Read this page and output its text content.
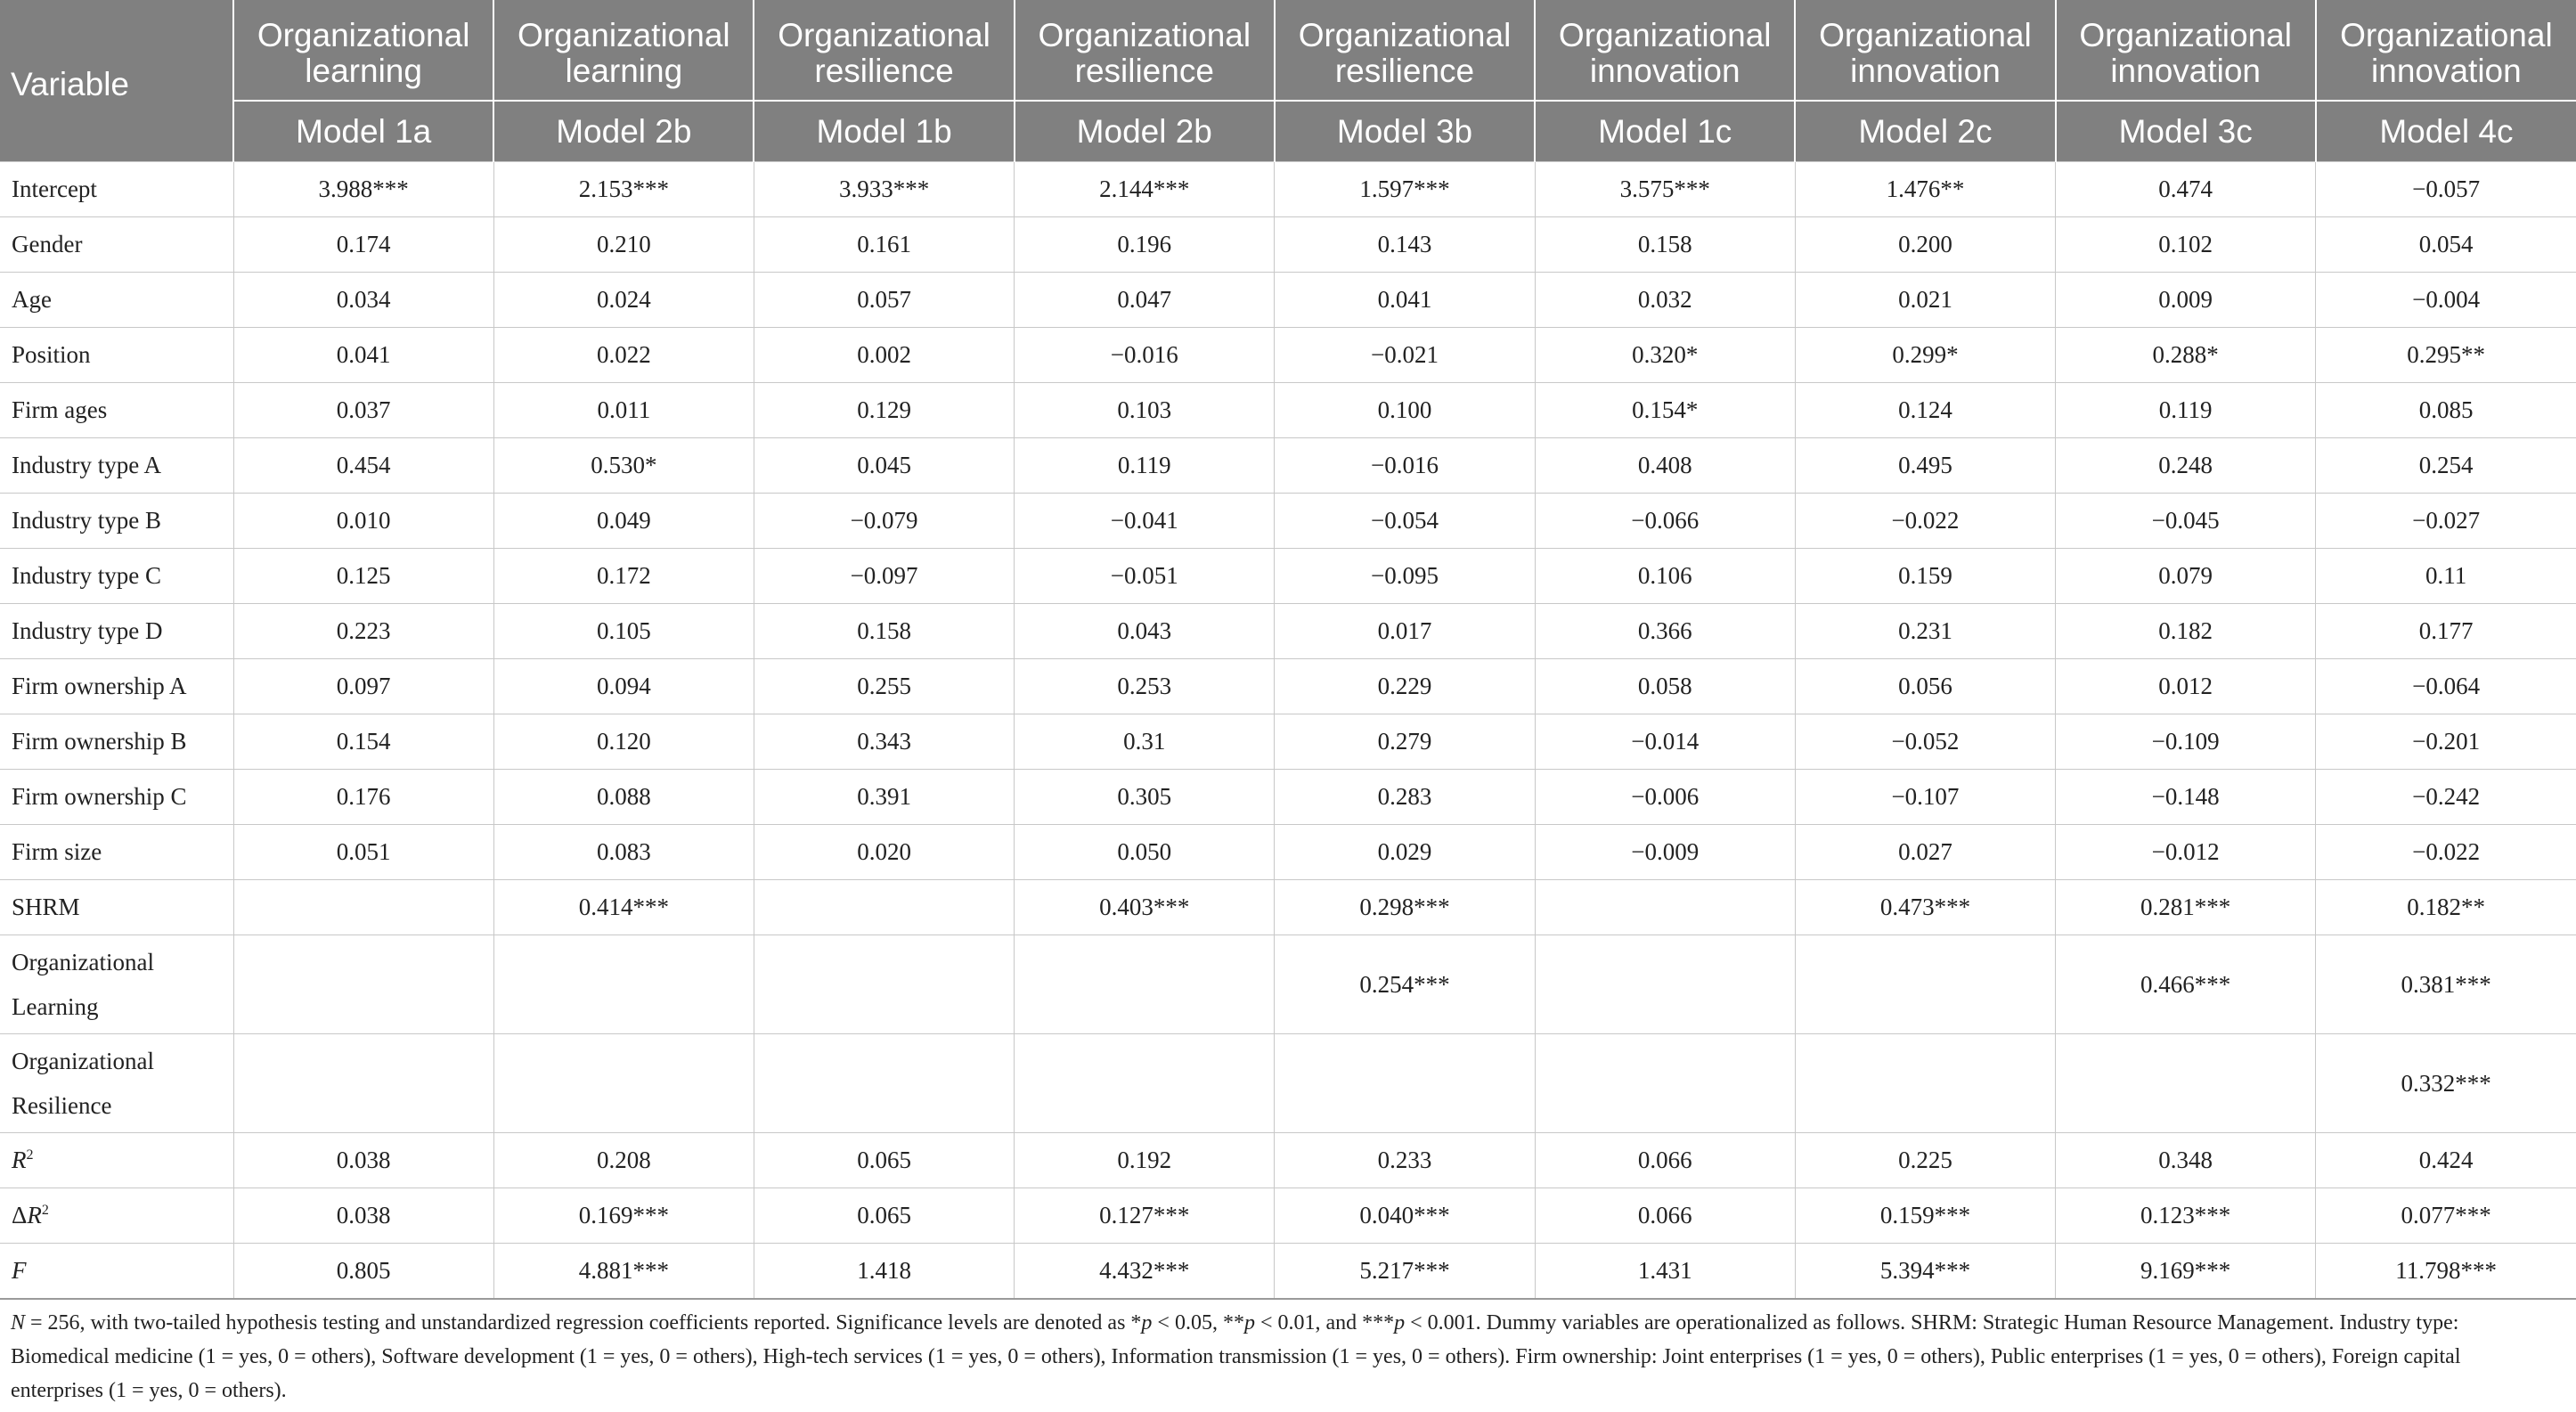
Variable	Organizational learning	Organizational learning	Organizational resilience	Organizational resilience	Organizational resilience	Organizational innovation	Organizational innovation	Organizational innovation	Organizational innovation
	Model 1a	Model 2b	Model 1b	Model 2b	Model 3b	Model 1c	Model 2c	Model 3c	Model 4c
Intercept	3.988***	2.153***	3.933***	2.144***	1.597***	3.575***	1.476**	0.474	−0.057
Gender	0.174	0.210	0.161	0.196	0.143	0.158	0.200	0.102	0.054
Age	0.034	0.024	0.057	0.047	0.041	0.032	0.021	0.009	−0.004
Position	0.041	0.022	0.002	−0.016	−0.021	0.320*	0.299*	0.288*	0.295**
Firm ages	0.037	0.011	0.129	0.103	0.100	0.154*	0.124	0.119	0.085
Industry type A	0.454	0.530*	0.045	0.119	−0.016	0.408	0.495	0.248	0.254
Industry type B	0.010	0.049	−0.079	−0.041	−0.054	−0.066	−0.022	−0.045	−0.027
Industry type C	0.125	0.172	−0.097	−0.051	−0.095	0.106	0.159	0.079	0.11
Industry type D	0.223	0.105	0.158	0.043	0.017	0.366	0.231	0.182	0.177
Firm ownership A	0.097	0.094	0.255	0.253	0.229	0.058	0.056	0.012	−0.064
Firm ownership B	0.154	0.120	0.343	0.31	0.279	−0.014	−0.052	−0.109	−0.201
Firm ownership C	0.176	0.088	0.391	0.305	0.283	−0.006	−0.107	−0.148	−0.242
Firm size	0.051	0.083	0.020	0.050	0.029	−0.009	0.027	−0.012	−0.022
SHRM		0.414***		0.403***	0.298***		0.473***	0.281***	0.182**
Organizational Learning					0.254***			0.466***	0.381***
Organizational Resilience									0.332***
$R^2$	0.038	0.208	0.065	0.192	0.233	0.066	0.225	0.348	0.424
$\Delta R^2$	0.038	0.169***	0.065	0.127***	0.040***	0.066	0.159***	0.123***	0.077***
F	0.805	4.881***	1.418	4.432***	5.217***	1.431	5.394***	9.169***	11.798***
N = 256, with two-tailed hypothesis testing and unstandardized regression coefficients reported. Significance levels are denoted as *p < 0.05, **p < 0.01, and ***p < 0.001. Dummy variables are operationalized as follows. SHRM: Strategic Human Resource Management. Industry type: Biomedical medicine (1 = yes, 0 = others), Software development (1 = yes, 0 = others), High-tech services (1 = yes, 0 = others), Information transmission (1 = yes, 0 = others). Firm ownership: Joint enterprises (1 = yes, 0 = others), Public enterprises (1 = yes, 0 = others), Foreign capital enterprises (1 = yes, 0 = others).
